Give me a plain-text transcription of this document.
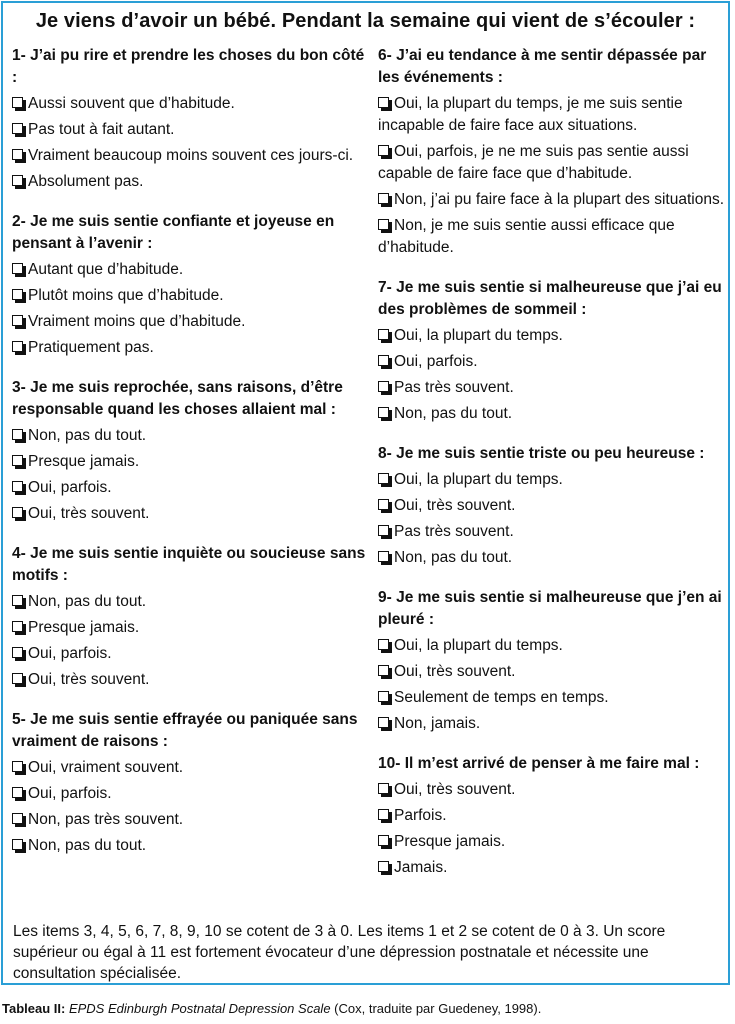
Je viens d’avoir un bébé. Pendant la semaine qui vient de s’écouler :
1- J’ai pu rire et prendre les choses du bon côté :
Aussi souvent que d’habitude.
Pas tout à fait autant.
Vraiment beaucoup moins souvent ces jours-ci.
Absolument pas.
2- Je me suis sentie confiante et joyeuse en pensant à l’avenir :
Autant que d’habitude.
Plutôt moins que d’habitude.
Vraiment moins que d’habitude.
Pratiquement pas.
3- Je me suis reprochée, sans raisons, d’être responsable quand les choses allaient mal :
Non, pas du tout.
Presque jamais.
Oui, parfois.
Oui, très souvent.
4- Je me suis sentie inquiète ou soucieuse sans motifs :
Non, pas du tout.
Presque jamais.
Oui, parfois.
Oui, très souvent.
5- Je me suis sentie effrayée ou paniquée sans vraiment de raisons :
Oui, vraiment souvent.
Oui, parfois.
Non, pas très souvent.
Non, pas du tout.
6- J’ai eu tendance à me sentir dépassée par les événements :
Oui, la plupart du temps, je me suis sentie incapable de faire face aux situations.
Oui, parfois, je ne me suis pas sentie aussi capable de faire face que d’habitude.
Non, j’ai pu faire face à la plupart des situations.
Non, je me suis sentie aussi efficace que d’habitude.
7- Je me suis sentie si malheureuse que j’ai eu des problèmes de sommeil :
Oui, la plupart du temps.
Oui, parfois.
Pas très souvent.
Non, pas du tout.
8- Je me suis sentie triste ou peu heureuse :
Oui, la plupart du temps.
Oui, très souvent.
Pas très souvent.
Non, pas du tout.
9- Je me suis sentie si malheureuse que j’en ai pleuré :
Oui, la plupart du temps.
Oui, très souvent.
Seulement de temps en temps.
Non, jamais.
10- Il m’est arrivé de penser à me faire mal :
Oui, très souvent.
Parfois.
Presque jamais.
Jamais.
Les items 3, 4, 5, 6, 7, 8, 9, 10 se cotent de 3 à 0. Les items 1 et 2 se cotent de 0 à 3. Un score supérieur ou égal à 11 est fortement évocateur d’une dépression postnatale et nécessite une consultation spécialisée.
Tableau II: EPDS Edinburgh Postnatal Depression Scale (Cox, traduite par Guedeney, 1998).
